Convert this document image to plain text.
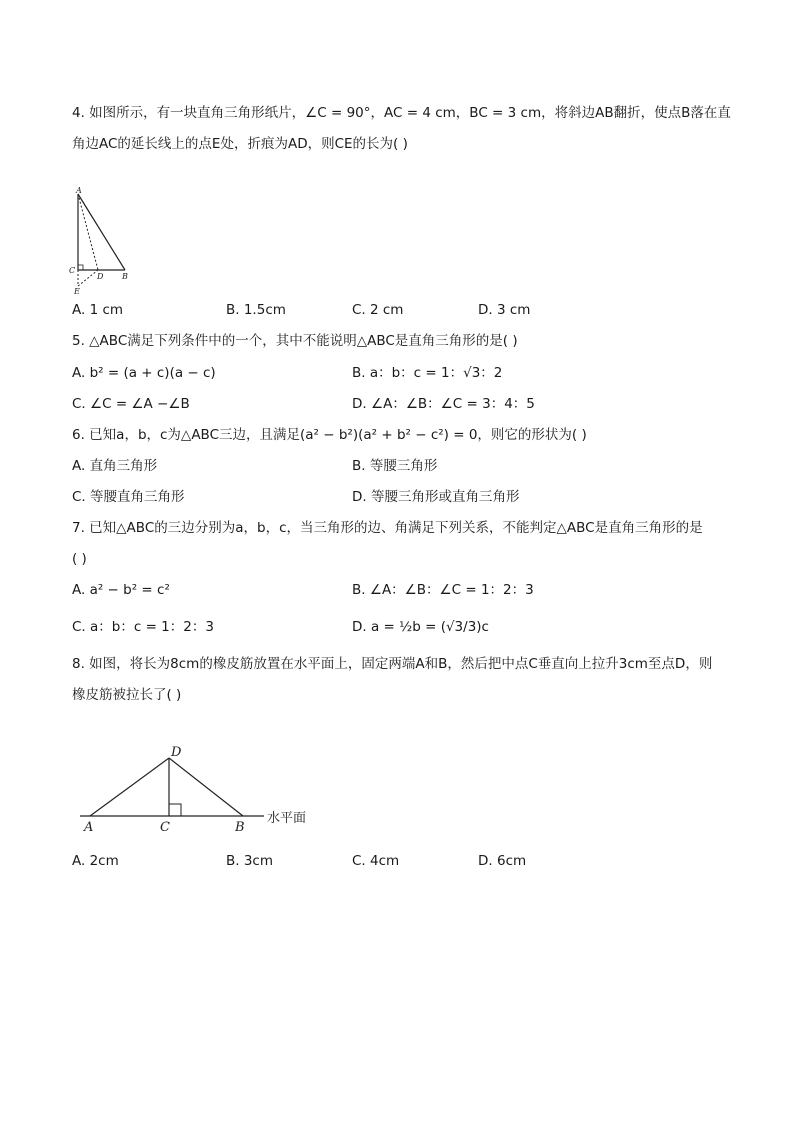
4. 如图所示，有一块直角三角形纸片，∠C = 90°，AC = 4 cm，BC = 3 cm，将斜边AB翻折，使点B落在直
角边AC的延长线上的点E处，折痕为AD，则CE的长为( )
A
C
D B
E
A. 1 cm	B. 1.5cm	C. 2 cm	D. 3 cm
5. △ABC满足下列条件中的一个，其中不能说明△ABC是直角三角形的是( )
A. b² = (a + c)(a − c)	B. a：b：c = 1：√3：2
C. ∠C = ∠A −∠B	D. ∠A：∠B：∠C = 3：4：5
6. 已知a，b，c为△ABC三边，且满足(a² − b²)(a² + b² − c²) = 0，则它的形状为( )
A. 直角三角形	B. 等腰三角形
C. 等腰直角三角形	D. 等腰三角形或直角三角形
7. 已知△ABC的三边分别为a，b，c，当三角形的边、角满足下列关系，不能判定△ABC是直角三角形的是
( )
A. a² − b² = c²	B. ∠A：∠B：∠C = 1：2：3
C. a：b：c = 1：2：3	D. a = ½b = (√3/3)c
8. 如图，将长为8cm的橡皮筋放置在水平面上，固定两端A和B，然后把中点C垂直向上拉升3cm至点D，则
橡皮筋被拉长了( )
D
A	C	B
水平面
A. 2cm	B. 3cm	C. 4cm	D. 6cm
